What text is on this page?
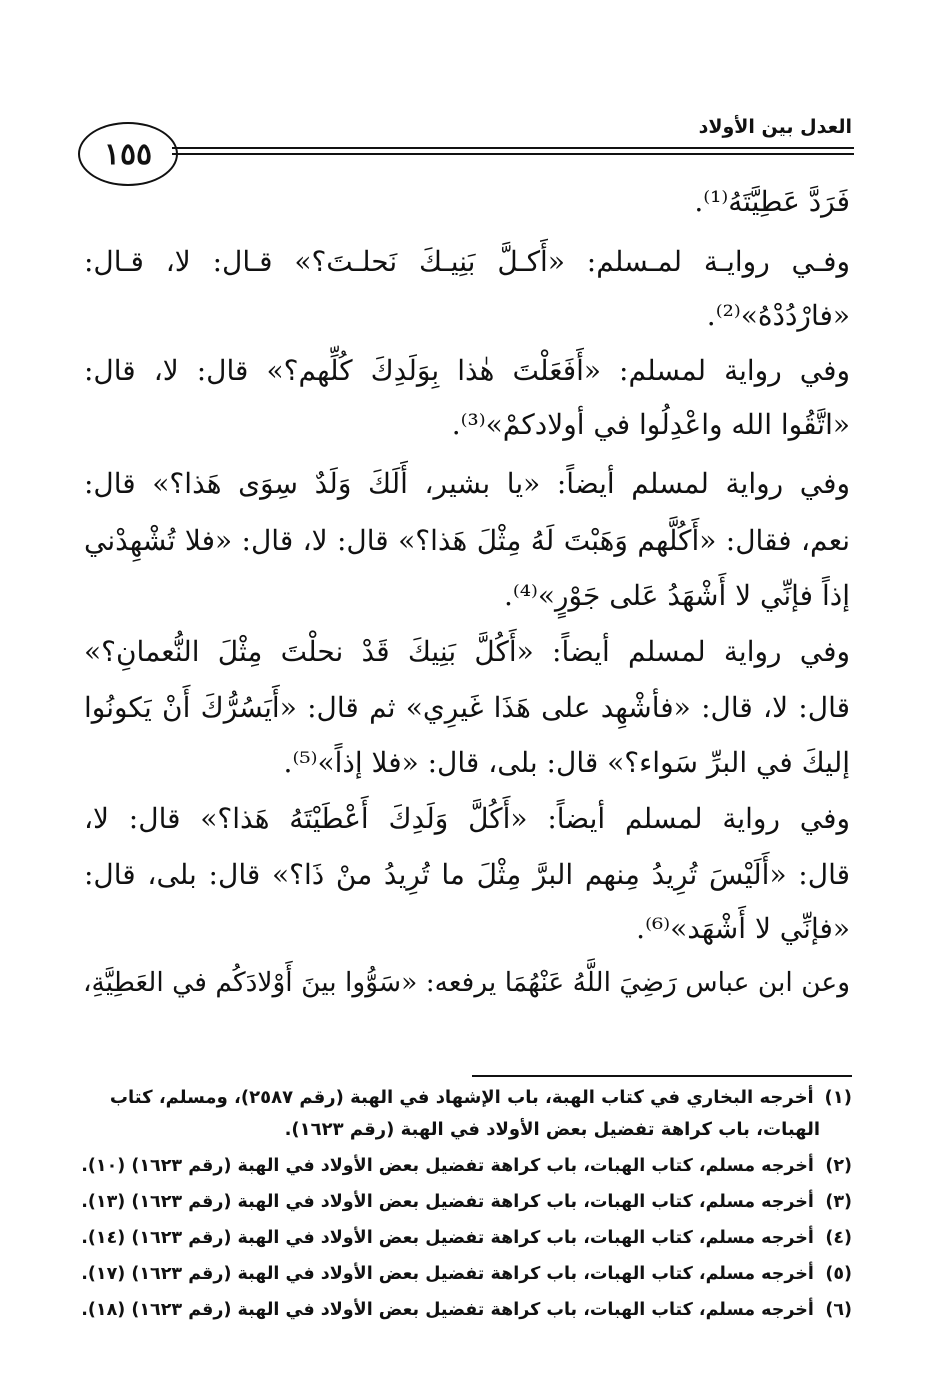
١٥٥
العدل بين الأولاد
فَرَدَّ عَطِيَّتَهُ⁽¹⁾.
وفـي روايـة لمـسلم: «أَكـلَّ بَنِيـكَ نَحلـتَ؟» قـال: لا، قـال:
«فارْدُدْهُ»⁽²⁾.
وفي رواية لمسلم: «أَفَعَلْتَ هٰذا بِوَلَدِكَ كُلِّهم؟» قال: لا، قال:
«اتَّقُوا الله واعْدِلُوا في أولادكمْ»⁽³⁾.
وفي رواية لمسلم أيضاً: «يا بشير، أَلَكَ وَلَدٌ سِوَى هَذا؟» قال:
نعم، فقال: «أَكُلَّهم وَهَبْتَ لَهُ مِثْلَ هَذا؟» قال: لا، قال: «فلا تُشْهِدْني
إذاً فإنِّي لا أَشْهَدُ عَلى جَوْرٍ»⁽⁴⁾.
وفي رواية لمسلم أيضاً: «أَكُلَّ بَنِيكَ قَدْ نحلْتَ مِثْلَ النُّعمانِ؟»
قال: لا، قال: «فأشْهِد على هَذَا غَيرِي» ثم قال: «أَيَسُرُّكَ أَنْ يَكونُوا
إليكَ في البرِّ سَواء؟» قال: بلى، قال: «فلا إذاً»⁽⁵⁾.
وفي رواية لمسلم أيضاً: «أَكُلَّ وَلَدِكَ أَعْطَيْتَهُ هَذا؟» قال: لا،
قال: «أَلَيْسَ تُرِيدُ مِنهم البرَّ مِثْلَ ما تُرِيدُ منْ ذَا؟» قال: بلى، قال:
«فإنِّي لا أَشْهَد»⁽⁶⁾.
وعن ابن عباس رَضِيَ اللَّهُ عَنْهُمَا يرفعه: «سَوُّوا بينَ أَوْلادَكُم في العَطِيَّةِ،
(١) أخرجه البخاري في كتاب الهبة، باب الإشهاد في الهبة (رقم ٢٥٨٧)، ومسلم، كتاب
الهبات، باب كراهة تفضيل بعض الأولاد في الهبة (رقم ١٦٢٣).
(٢) أخرجه مسلم، كتاب الهبات، باب كراهة تفضيل بعض الأولاد في الهبة (رقم ١٦٢٣) (١٠).
(٣) أخرجه مسلم، كتاب الهبات، باب كراهة تفضيل بعض الأولاد في الهبة (رقم ١٦٢٣) (١٣).
(٤) أخرجه مسلم، كتاب الهبات، باب كراهة تفضيل بعض الأولاد في الهبة (رقم ١٦٢٣) (١٤).
(٥) أخرجه مسلم، كتاب الهبات، باب كراهة تفضيل بعض الأولاد في الهبة (رقم ١٦٢٣) (١٧).
(٦) أخرجه مسلم، كتاب الهبات، باب كراهة تفضيل بعض الأولاد في الهبة (رقم ١٦٢٣) (١٨).
